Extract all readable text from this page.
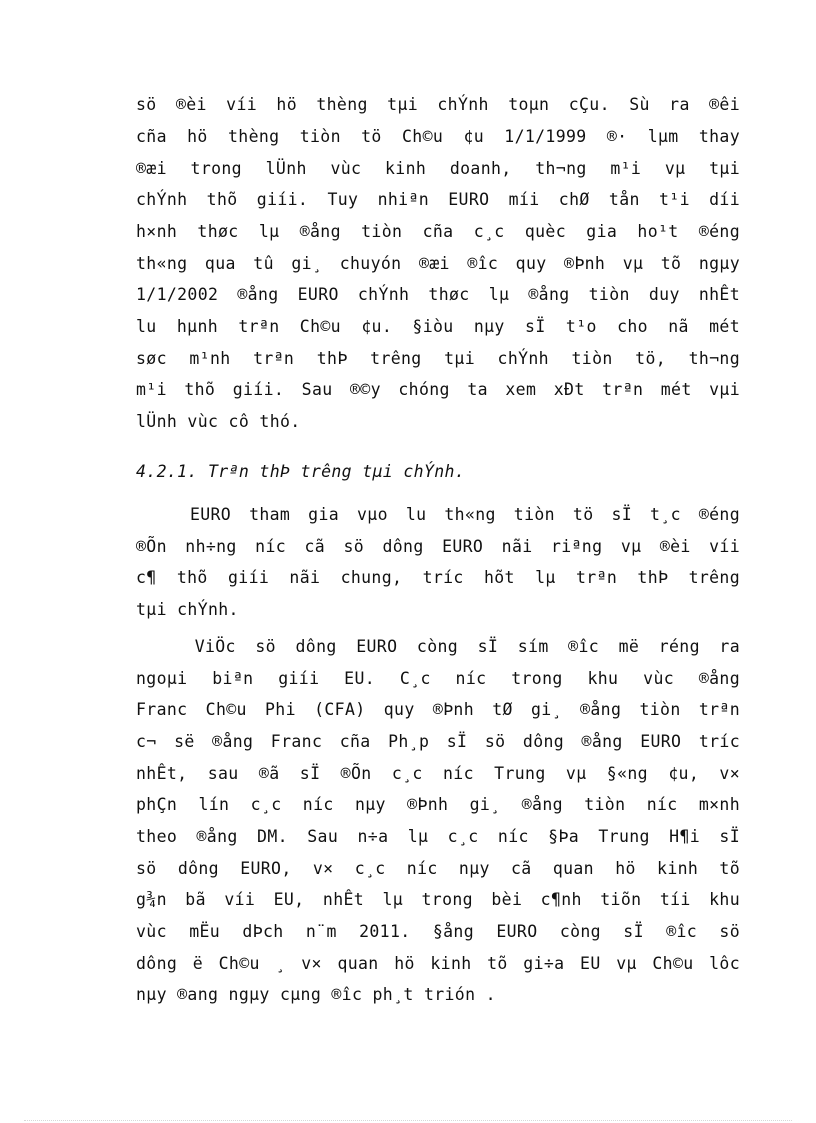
sö ®èi víi hö thèng tµi chÝnh toµn cÇu. Sù ra ®êi
cña hö thèng tiòn tö Ch©u ¢u 1/1/1999 ®· lµm thay
®æi trong lÜnh vùc kinh doanh, th¬ng m¹i vµ tµi
chÝnh thõ giíi. Tuy nhiªn EURO míi chØ tån t¹i díi
h×nh thøc lµ ®ång tiòn cña c¸c quèc gia ho¹t ®éng
th«ng qua tû gi¸ chuyón ®æi ®îc quy ®Þnh vµ tõ ngµy
1/1/2002 ®ång EURO chÝnh thøc lµ ®ång tiòn duy nhÊt
lu hµnh trªn Ch©u ¢u. §iòu nµy sÏ t¹o cho nã mét
søc m¹nh trªn thÞ trêng tµi chÝnh tiòn tö, th¬ng
m¹i thõ giíi. Sau ®©y chóng ta xem xÐt trªn mét vµi
lÜnh vùc cô thó.
4.2.1. Trªn thÞ trêng tµi chÝnh.
EURO tham gia vµo lu th«ng tiòn tö sÏ t¸c ®éng
®Õn nh÷ng níc cã sö dông EURO nãi riªng vµ ®èi víi
c¶ thõ giíi nãi chung, tríc hõt lµ trªn thÞ trêng
tµi chÝnh.
ViÖc sö dông EURO còng sÏ sím ®îc më réng ra
ngoµi biªn giíi EU. C¸c níc trong khu vùc ®ång
Franc Ch©u Phi (CFA) quy ®Þnh tØ gi¸ ®ång tiòn trªn
c¬ së ®ång Franc cña Ph¸p sÏ sö dông ®ång EURO tríc
nhÊt, sau ®ã sÏ ®Õn c¸c níc Trung vµ §«ng ¢u, v×
phÇn lín c¸c níc nµy ®Þnh gi¸ ®ång tiòn níc m×nh
theo ®ång DM. Sau n÷a lµ c¸c níc §Þa Trung H¶i sÏ
sö dông EURO, v× c¸c níc nµy cã quan hö kinh tõ
g¾n bã víi EU, nhÊt lµ trong bèi c¶nh tiõn tíi khu
vùc mËu dÞch n¨m 2011. §ång EURO còng sÏ ®îc sö
dông ë Ch©u ¸ v× quan hö kinh tõ gi÷a EU vµ Ch©u lôc
nµy ®ang ngµy cµng ®îc ph¸t trión .
